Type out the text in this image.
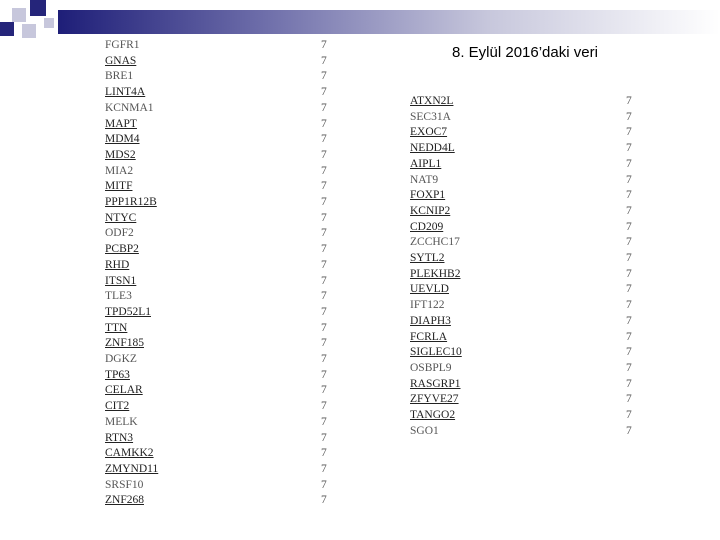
8. Eylül 2016’daki veri
FGFR1	7
GNAS	7
BRE1	7
LINT4A	7
KCNMA1	7
MAPT	7
MDM4	7
MDS2	7
MIA2	7
MITF	7
PPP1R12B	7
NTYC	7
ODF2	7
PCBP2	7
RHD	7
ITSN1	7
TLE3	7
TPD52L1	7
TTN	7
ZNF185	7
DGKZ	7
TP63	7
CELAR	7
CIT2	7
MELK	7
RTN3	7
CAMKK2	7
ZMYND11	7
SRSF10	7
ZNF268	7
ATXN2L	7
SEC31A	7
EXOC7	7
NEDD4L	7
AIPL1	7
NAT9	7
FOXP1	7
KCNIP2	7
CD209	7
ZCCHC17	7
SYTL2	7
PLEKHB2	7
UEVLD	7
IFT122	7
DIAPH3	7
FCRLA	7
SIGLEC10	7
OSBPL9	7
RASGRP1	7
ZFYVE27	7
TANGO2	7
SGO1	7
